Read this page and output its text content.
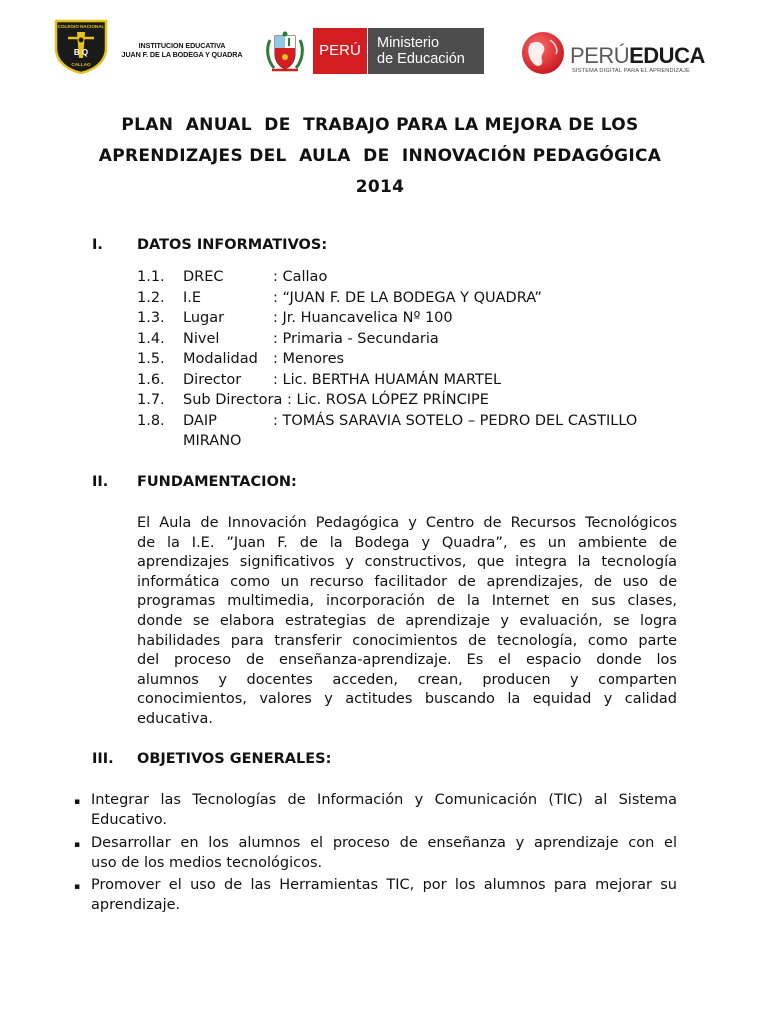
COLEGIO NACIONAL
B Q
CALLAO
INSTITUCION EDUCATIVA
JUAN F. DE LA BODEGA Y QUADRA	PERÚ	Ministerio
de Educación	PERÚEDUCA
SISTEMA DIGITAL PARA EL APRENDIZAJE
PLAN  ANUAL  DE  TRABAJO PARA LA MEJORA DE LOS
APRENDIZAJES DEL  AULA  DE  INNOVACIÓN PEDAGÓGICA
2014
I. DATOS INFORMATIVOS:
1.1. DREC	: Callao
1.2. I.E	: “JUAN F. DE LA BODEGA Y QUADRA”
1.3. Lugar	: Jr. Huancavelica Nº 100
1.4. Nivel	: Primaria - Secundaria
1.5. Modalidad : Menores
1.6. Director : Lic. BERTHA HUAMÁN MARTEL
1.7. Sub Directora : Lic. ROSA LÓPEZ PRÍNCIPE
1.8. DAIP	: TOMÁS SARAVIA SOTELO – PEDRO DEL CASTILLO
MIRANO
II. FUNDAMENTACION:
El Aula de Innovación Pedagógica y Centro de Recursos Tecnológicos
de la I.E. ”Juan F. de la Bodega y Quadra”, es un ambiente de
aprendizajes significativos y constructivos, que integra la tecnología
informática como un recurso facilitador de aprendizajes, de uso de
programas multimedia, incorporación de la Internet en sus clases,
donde se elabora estrategias de aprendizaje y evaluación, se logra
habilidades para transferir conocimientos de tecnología, como parte
del proceso de enseñanza-aprendizaje. Es el espacio donde los
alumnos y docentes acceden, crean, producen y comparten
conocimientos, valores y actitudes buscando la equidad y calidad
educativa.
III. OBJETIVOS GENERALES:
▪ Integrar las Tecnologías de Información y Comunicación (TIC) al Sistema
Educativo.
▪ Desarrollar en los alumnos el proceso de enseñanza y aprendizaje con el
uso de los medios tecnológicos.
▪ Promover el uso de las Herramientas TIC, por los alumnos para mejorar su
aprendizaje.
